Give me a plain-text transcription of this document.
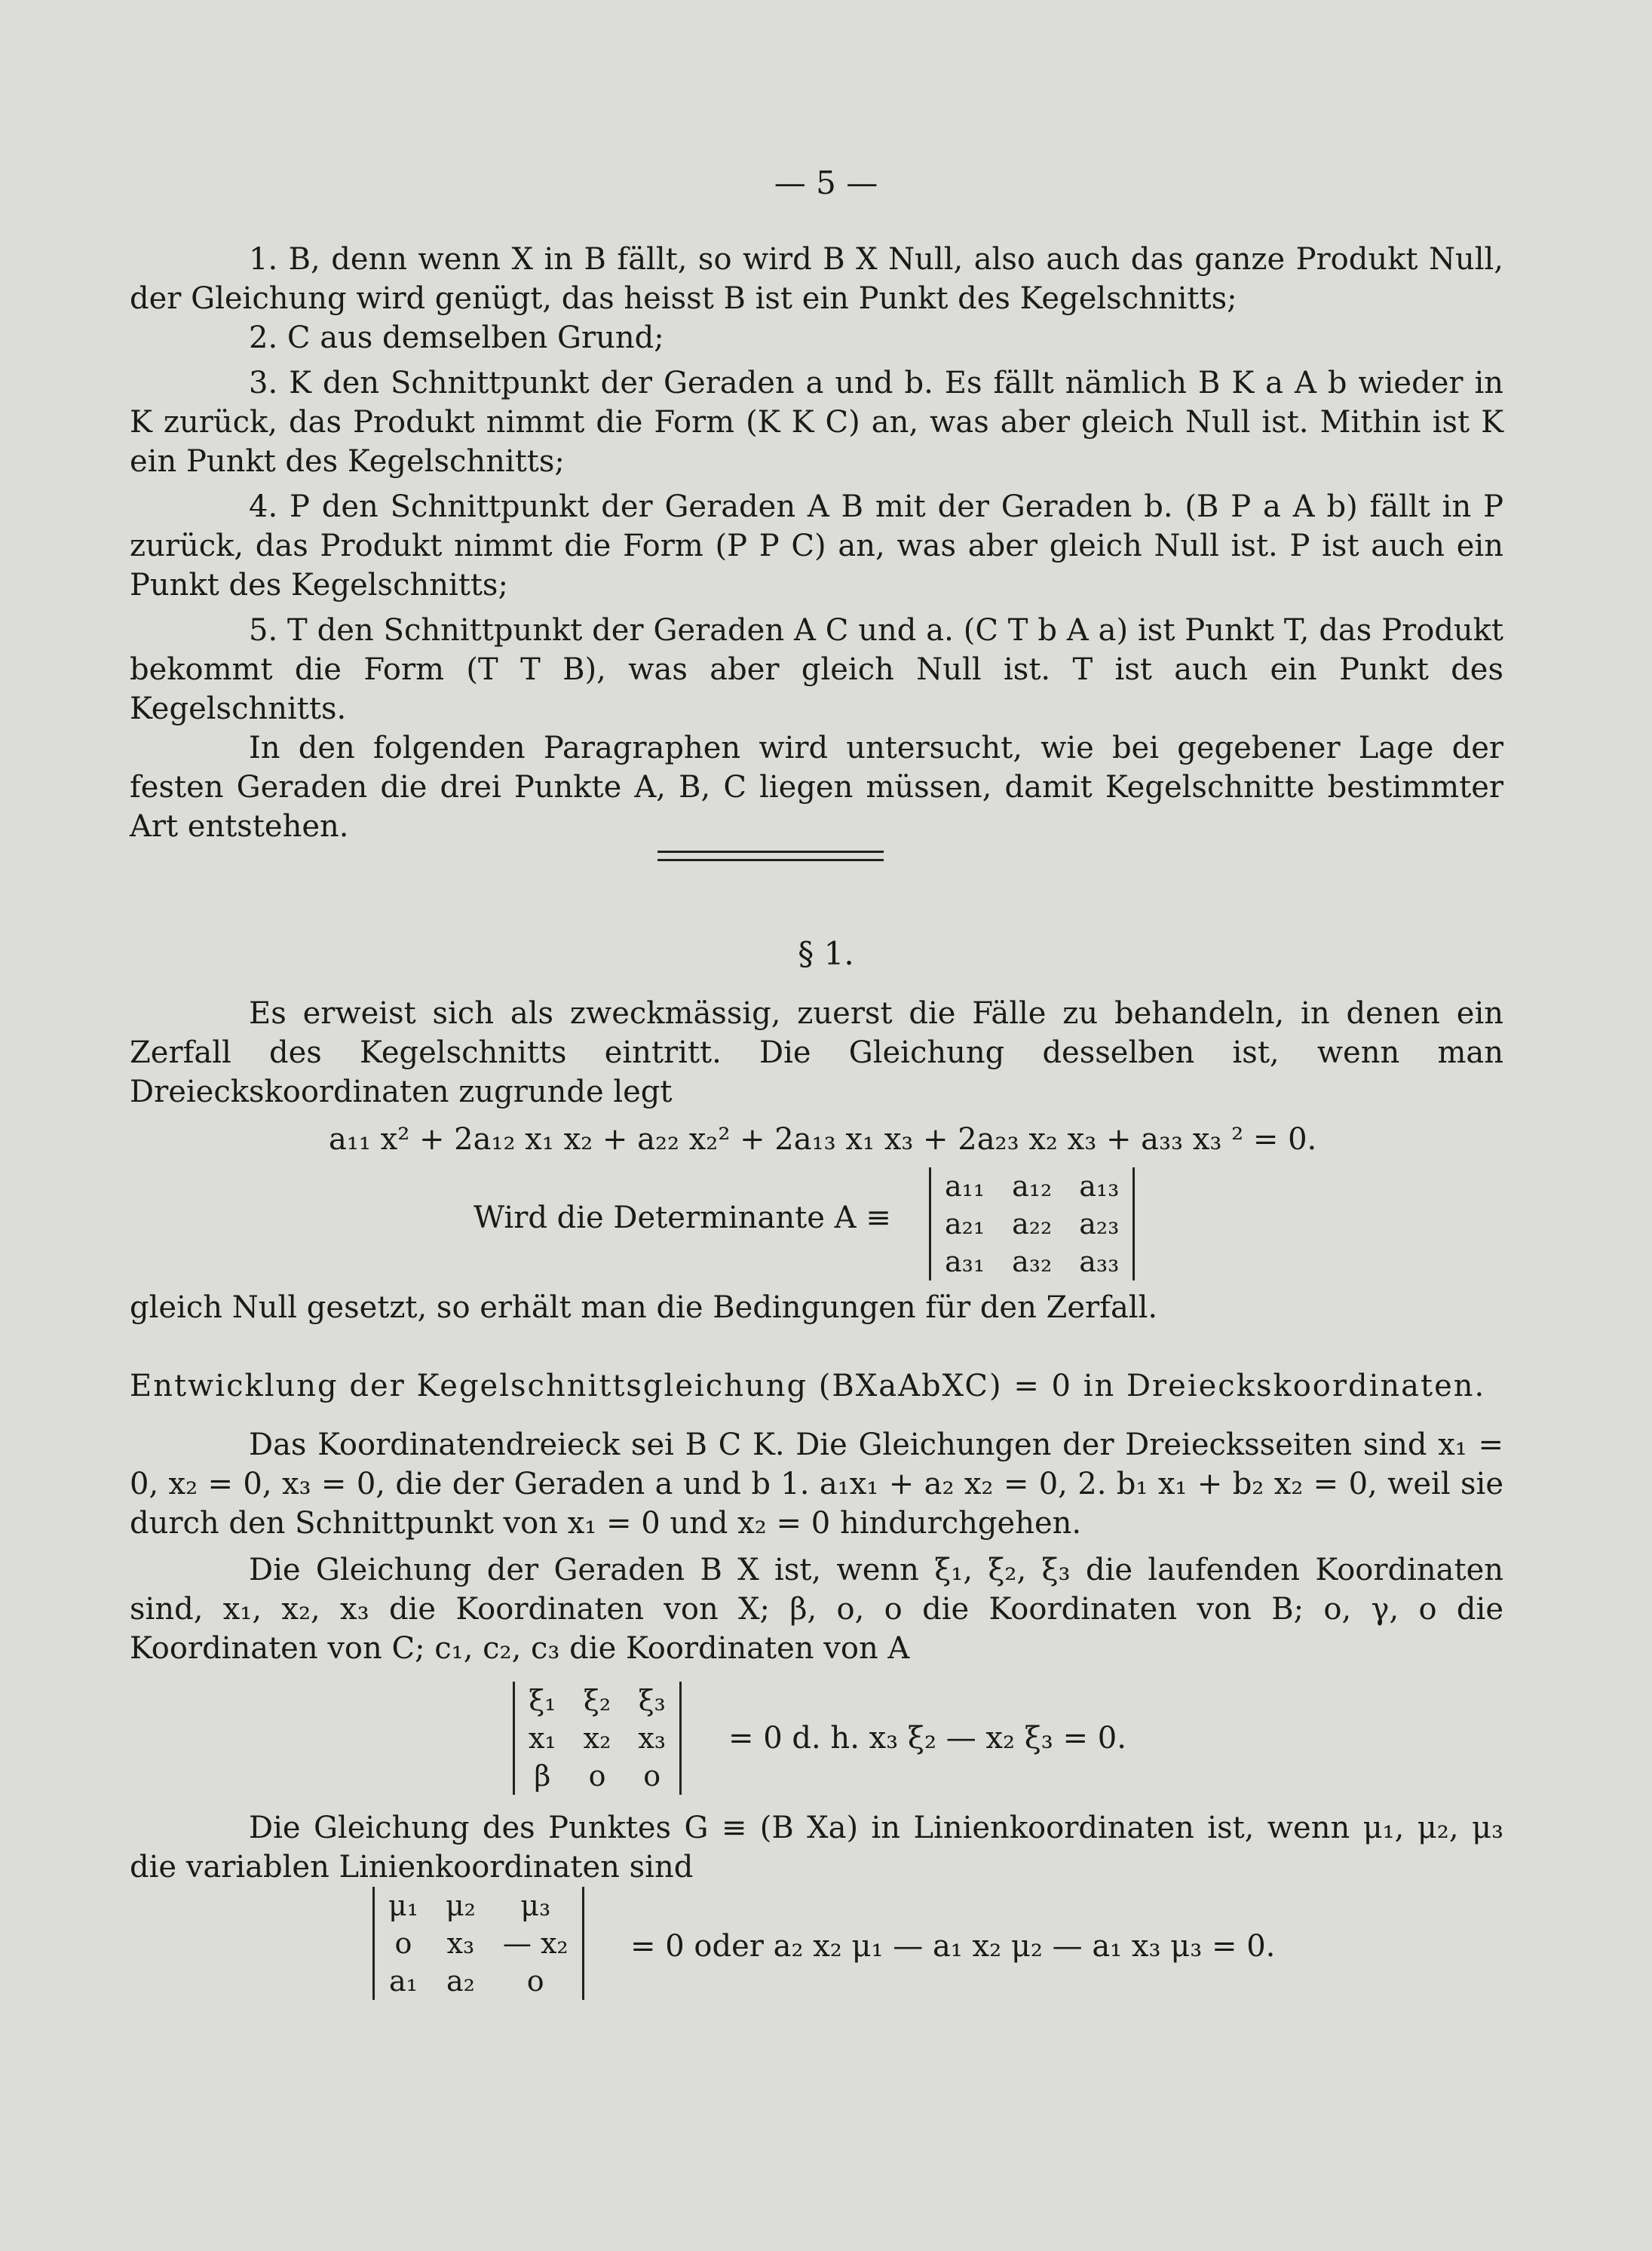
— 5 —

1. B, denn wenn X in B fällt, so wird B X Null, also auch das ganze Produkt Null, der Gleichung wird genügt, das heisst B ist ein Punkt des Kegelschnitts;

2. C aus demselben Grund;

3. K den Schnittpunkt der Geraden a und b. Es fällt nämlich B K a A b wieder in K zurück, das Produkt nimmt die Form (K K C) an, was aber gleich Null ist. Mithin ist K ein Punkt des Kegelschnitts;

4. P den Schnittpunkt der Geraden A B mit der Geraden b. (B P a A b) fällt in P zurück, das Produkt nimmt die Form (P P C) an, was aber gleich Null ist. P ist auch ein Punkt des Kegelschnitts;

5. T den Schnittpunkt der Geraden A C und a. (C T b A a) ist Punkt T, das Produkt bekommt die Form (T T B), was aber gleich Null ist. T ist auch ein Punkt des Kegelschnitts.

In den folgenden Paragraphen wird untersucht, wie bei gegebener Lage der festen Geraden die drei Punkte A, B, C liegen müssen, damit Kegelschnitte bestimmter Art entstehen.

§ 1.

Es erweist sich als zweckmässig, zuerst die Fälle zu behandeln, in denen ein Zerfall des Kegelschnitts eintritt. Die Gleichung desselben ist, wenn man Dreieckskoordinaten zugrunde legt

a₁₁ x² + 2a₁₂ x₁ x₂ + a₂₂ x₂² + 2a₁₃ x₁ x₃ + 2a₂₃ x₂ x₃ + a₃₃ x₃ ² = 0.
Wird die Determinante A ≡
a₁₁	a₁₂	a₁₃
a₂₁	a₂₂	a₂₃
a₃₁	a₃₂	a₃₃

gleich Null gesetzt, so erhält man die Bedingungen für den Zerfall.

Entwicklung der Kegelschnittsgleichung (BXaAbXC) = 0 in Dreieckskoordinaten.

Das Koordinatendreieck sei B C K. Die Gleichungen der Dreiecksseiten sind x₁ = 0, x₂ = 0, x₃ = 0, die der Geraden a und b 1. a₁x₁ + a₂ x₂ = 0, 2. b₁ x₁ + b₂ x₂ = 0, weil sie durch den Schnittpunkt von x₁ = 0 und x₂ = 0 hindurchgehen.

Die Gleichung der Geraden B X ist, wenn ξ₁, ξ₂, ξ₃ die laufenden Koordinaten sind, x₁, x₂, x₃ die Koordinaten von X; β, o, o die Koordinaten von B; o, γ, o die Koordinaten von C; c₁, c₂, c₃ die Koordinaten von A

ξ₁	ξ₂	ξ₃
x₁	x₂	x₃
β	o	o
= 0 d. h. x₃ ξ₂ — x₂ ξ₃ = 0.

Die Gleichung des Punktes G ≡ (B Xa) in Linienkoordinaten ist, wenn μ₁, μ₂, μ₃ die variablen Linienkoordinaten sind

μ₁	μ₂	μ₃
o	x₃	— x₂
a₁	a₂	o
= 0 oder a₂ x₂ μ₁ — a₁ x₂ μ₂ — a₁ x₃ μ₃ = 0.
